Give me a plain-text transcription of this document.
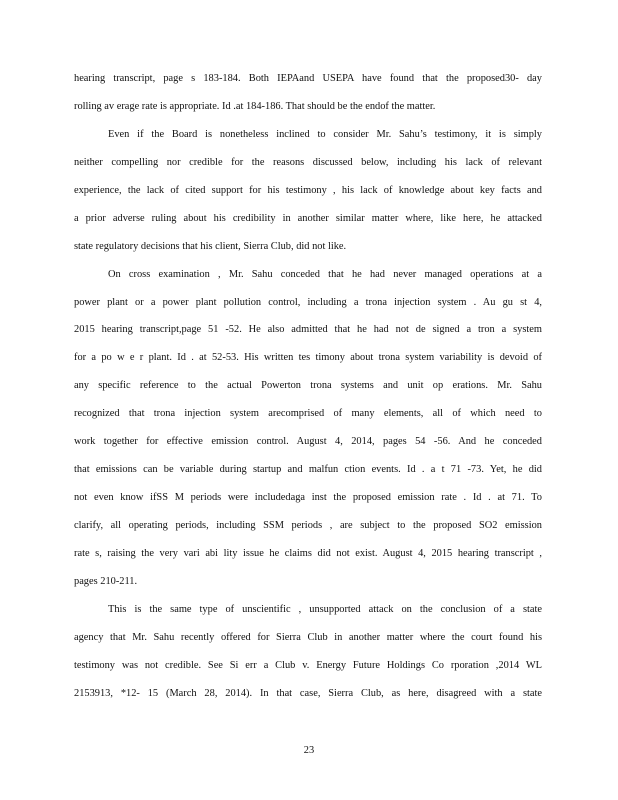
hearing transcript, page s 183-184. Both IEPAand USEPA have found that the proposed30- day
rolling av erage rate is appropriate. Id .at 184-186. That should be the endof the matter.
Even if the Board is nonetheless inclined to consider Mr. Sahu’s testimony, it is simply
neither compelling nor credible for the reasons discussed below, including his lack of relevant
experience, the lack of cited support for his testimony , his lack of knowledge about key facts and
a prior adverse ruling about his credibility in another similar matter where, like here, he attacked
state regulatory decisions that his client, Sierra Club, did not like.
On cross examination , Mr. Sahu conceded that he had never managed operations at a
power plant or a power plant pollution control, including a trona injection system . Au gu st 4,
2015 hearing transcript,page 51 -52. He also admitted that he had not de signed a tron a system
for a po w e r plant. Id . at 52-53. His written tes timony about trona system variability is devoid of
any specific reference to the actual Powerton trona systems and unit op erations. Mr. Sahu
recognized that trona injection system arecomprised of many elements, all of which need to
work together for effective emission control. August 4, 2014, pages 54 -56. And he conceded
that emissions can be variable during startup and malfun ction events. Id . a t 71 -73. Yet, he did
not even know ifSS M periods were includedaga inst the proposed emission rate . Id . at 71. To
clarify, all operating periods, including SSM periods , are subject to the proposed SO2 emission
rate s, raising the very vari abi lity issue he claims did not exist. August 4, 2015 hearing transcript ,
pages 210-211.
This is the same type of unscientific , unsupported attack on the conclusion of a state
agency that Mr. Sahu recently offered for Sierra Club in another matter where the court found his
testimony was not credible. See Si err a Club v. Energy Future Holdings Co rporation ,2014 WL
2153913, *12- 15 (March 28, 2014). In that case, Sierra Club, as here, disagreed with a state
23
